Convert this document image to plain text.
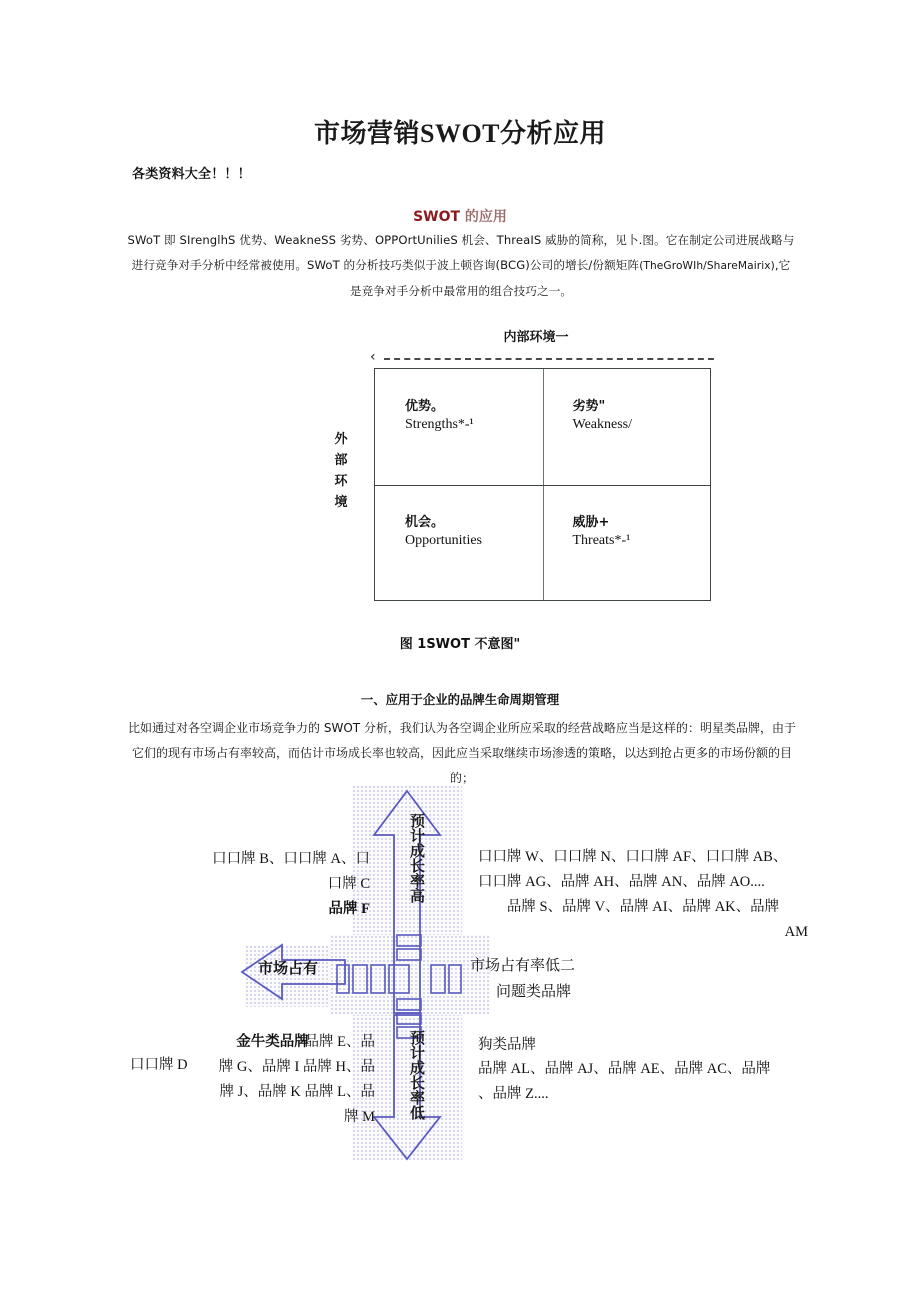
市场营销SWOT分析应用
各类资料大全！！！
SWOT 的应用
SWoT 即 SIrenglhS 优势、WeakneSS 劣势、OPPOrtUnilieS 机会、ThreaIS 威胁的简称，见卜.图。它在制定公司进展战略与进行竞争对手分析中经常被使用。SWoT 的分析技巧类似于波上顿咨询(BCG)公司的增长/份额矩阵(TheGroWIh/ShareMairix),它是竞争对手分析中最常用的组合技巧之一。
内部环境一
‹
外部环境
优势。
Strengths*-¹
劣势"
Weakness/
机会。
Opportunities
威胁+
Threats*-¹
图 1SWOT 不意图"
一、应用于企业的品牌生命周期管理
比如通过对各空调企业市场竞争力的 SWOT 分析，我们认为各空调企业所应采取的经营战略应当是这样的：明星类品牌，由于它们的现有市场占有率较高，而估计市场成长率也较高，因此应当采取继续市场渗透的策略，以达到抢占更多的市场份额的目的；
预计成长率高
预计成长率低
市场占有	市场占有率低二
问题类品牌
口口牌 B、口口牌 A、口
口牌 C
品牌 F
口口牌 W、口口牌 N、口口牌 AF、口口牌 AB、
口口牌 AG、品牌 AH、品牌 AN、品牌 AO....
品牌 S、品牌 V、品牌 AI、品牌 AK、品牌
AM
金牛类品牌
品牌 E、品
牌 G、品牌 I 品牌 H、品
牌 J、品牌 K 品牌 L、品
牌 M
口口牌 D
狗类品牌
品牌 AL、品牌 AJ、品牌 AE、品牌 AC、品牌
、品牌 Z....
